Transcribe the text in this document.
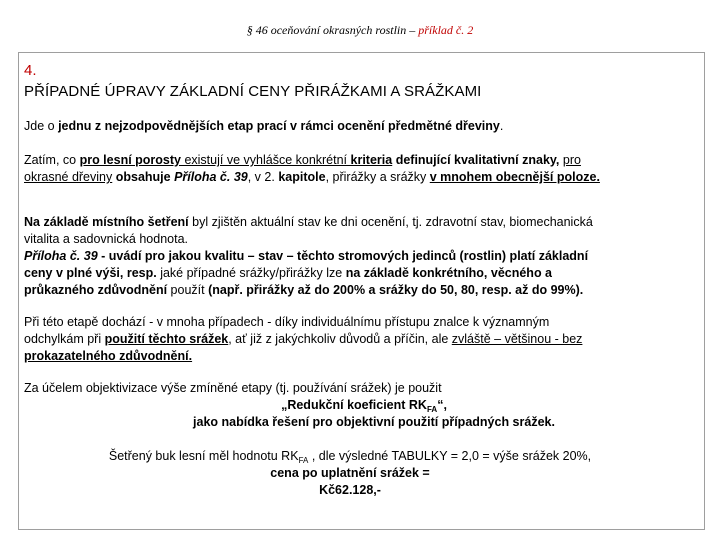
§ 46 oceňování okrasných rostlin – příklad č. 2
4.
PŘÍPADNÉ ÚPRAVY ZÁKLADNÍ CENY PŘIRÁŽKAMI A SRÁŽKAMI
Jde o jednu z nejzodpovědnějších etap prací v rámci ocenění předmětné dřeviny.
Zatím, co pro lesní porosty existují ve vyhlášce konkrétní kriteria definující kvalitativní znaky, pro
okrasné dřeviny obsahuje Příloha č. 39, v 2. kapitole, přirážky a srážky v mnohem obecnější poloze.
Na základě místního šetření byl zjištěn aktuální stav ke dni ocenění, tj. zdravotní stav, biomechanická
vitalita a sadovnická hodnota.
Příloha č. 39 - uvádí pro jakou kvalitu – stav – těchto stromových jedinců (rostlin) platí základní
ceny v plné výši, resp. jaké případné srážky/přirážky lze na základě konkrétního, věcného a
průkazného zdůvodnění použít (např. přirážky až do 200% a srážky do 50, 80, resp. až do 99%).
Při této etapě dochází - v mnoha případech - díky individuálnímu přístupu znalce k významným
odchylkám při použití těchto srážek, ať již z jakýchkoliv důvodů a příčin, ale zvláště – většinou - bez
prokazatelného zdůvodnění.
Za účelem objektivizace výše zmíněné etapy (tj. používání srážek) je použit

„Redukční koeficient $RK_{FA}“$,
jako nabídka řešení pro objektivní použití případných srážek.
Šetřený buk lesní měl hodnotu $RK_{FA}$ , dle výsledné TABULKY = 2,0 = výše srážek 20%,
cena po uplatnění srážek =
Kč62.128,-
